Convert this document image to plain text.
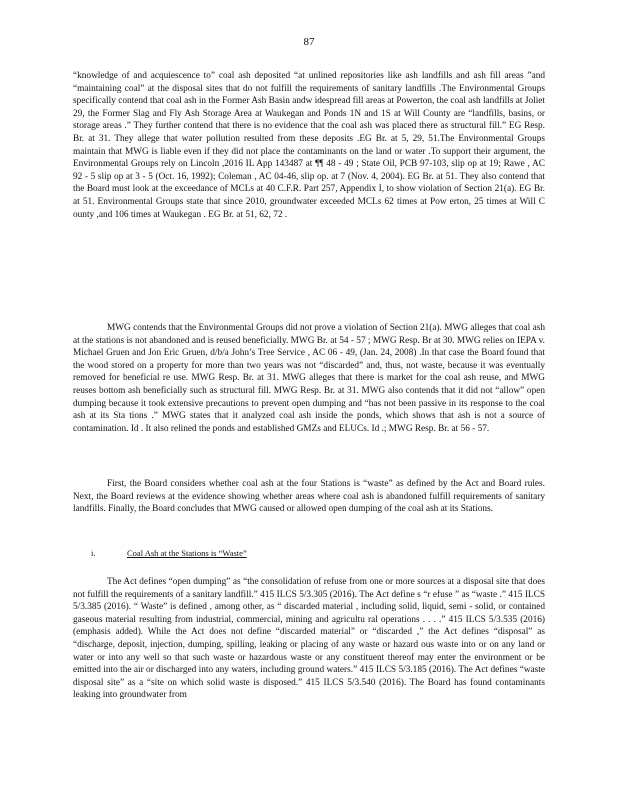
87

“knowledge of and acquiescence to” coal ash deposited “at unlined repositories like ash landfills and ash fill areas ”and “maintaining coal” at the disposal sites that do not fulfill the requirements of sanitary landfills .The Environmental Groups specifically contend that coal ash in the Former Ash Basin andw idespread fill areas at Powerton, the coal ash landfills at Joliet 29, the Former Slag and Fly Ash Storage Area at Waukegan and Ponds 1N and 1S at Will County are “landfills, basins, or storage areas .” They further contend that there is no evidence that the coal ash was placed there as structural fill.” EG Resp. Br. at 31. They allege that water pollution resulted from these deposits .EG Br. at 5, 29, 51.The Environmental Groups maintain that MWG is liable even if they did not place the contaminants on the land or water .To support their argument, the Environmental Groups rely on Lincoln ,2016 IL App 143487 at ¶¶ 48 - 49 ; State Oil, PCB 97-103, slip op at 19; Rawe , AC 92 - 5 slip op at 3 - 5 (Oct. 16, 1992); Coleman , AC 04-46, slip op. at 7 (Nov. 4, 2004). EG Br. at 51. They also contend that the Board must look at the exceedance of MCLs at 40 C.F.R. Part 257, Appendix I, to show violation of Section 21(a). EG Br. at 51. Environmental Groups state that since 2010, groundwater exceeded MCLs 62 times at Pow erton, 25 times at Will C ounty ,and 106 times at Waukegan . EG Br. at 51, 62, 72 .

MWG contends that the Environmental Groups did not prove a violation of Section 21(a). MWG alleges that coal ash at the stations is not abandoned and is reused beneficially. MWG Br. at 54 - 57 ; MWG Resp. Br at 30. MWG relies on IEPA v. Michael Gruen and Jon Eric Gruen, d/b/a John’s Tree Service , AC 06 - 49, (Jan. 24, 2008) .In that case the Board found that the wood stored on a property for more than two years was not “discarded” and, thus, not waste, because it was eventually removed for beneficial re use. MWG Resp. Br. at 31. MWG alleges that there is market for the coal ash reuse, and MWG reuses bottom ash beneficially such as structural fill. MWG Resp. Br. at 31. MWG also contends that it did not “allow” open dumping because it took extensive precautions to prevent open dumping and “has not been passive in its response to the coal ash at its Sta tions .” MWG states that it analyzed coal ash inside the ponds, which shows that ash is not a source of contamination. Id . It also relined the ponds and established GMZs and ELUCs. Id .; MWG Resp. Br. at 56 - 57.

First, the Board considers whether coal ash at the four Stations is “waste” as defined by the Act and Board rules. Next, the Board reviews at the evidence showing whether areas where coal ash is abandoned fulfill requirements of sanitary landfills. Finally, the Board concludes that MWG caused or allowed open dumping of the coal ash at its Stations.

i.	Coal Ash at the Stations is “Waste”

The Act defines “open dumping” as “the consolidation of refuse from one or more sources at a disposal site that does not fulfill the requirements of a sanitary landfill.” 415 ILCS 5/3.305 (2016). The Act define s “r efuse ” as “waste .” 415 ILCS 5/3.385 (2016). “ Waste” is defined , among other, as “ discarded material , including solid, liquid, semi - solid, or contained gaseous material resulting from industrial, commercial, mining and agricultu ral operations . . . .” 415 ILCS 5/3.535 (2016) (emphasis added). While the Act does not define “discarded material” or “discarded ,” the Act defines “disposal” as “discharge, deposit, injection, dumping, spilling, leaking or placing of any waste or hazard ous waste into or on any land or water or into any well so that such waste or hazardous waste or any constituent thereof may enter the environment or be emitted into the air or discharged into any waters, including ground waters.” 415 ILCS 5/3.185 (2016). The Act defines “waste disposal site” as a “site on which solid waste is disposed.” 415 ILCS 5/3.540 (2016). The Board has found contaminants leaking into groundwater from
